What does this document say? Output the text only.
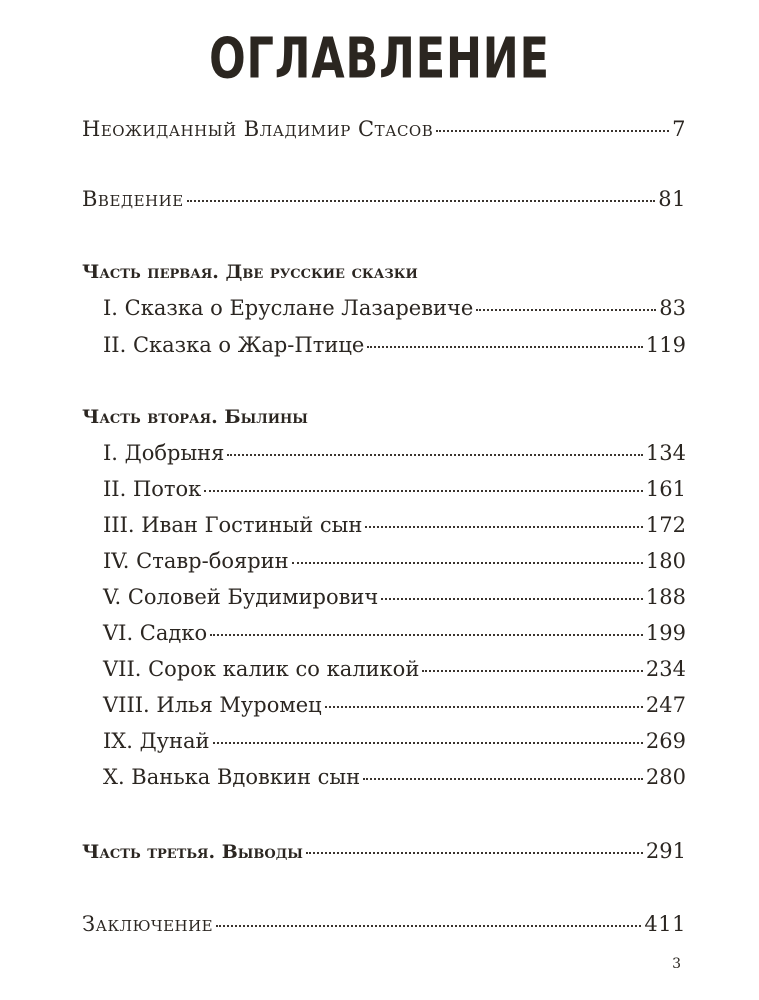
ОГЛАВЛЕНИЕ
Неожиданный Владимир Стасов	7
Введение	81
Часть первая. Две русские сказки
I. Сказка о Еруслане Лазаревиче	83
II. Сказка о Жар-Птице	119
Часть вторая. Былины
I. Добрыня	134
II. Поток	161
III. Иван Гостиный сын	172
IV. Ставр-боярин	180
V. Соловей Будимирович	188
VI. Садко	199
VII. Сорок калик со каликой	234
VIII. Илья Муромец	247
IX. Дунай	269
X. Ванька Вдовкин сын	280
Часть третья. Выводы	291
Заключение	411
3
